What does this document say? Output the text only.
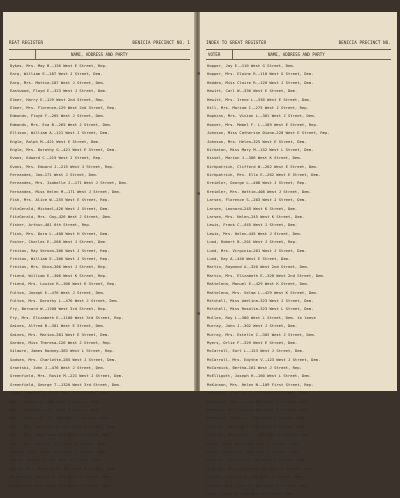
REAT REGISTER	BENICIA PRECINCT NO. 1
NAME, ADDRESS AND PARTY
Dykes, Mrs. May B.—136 West E Street, Rep.
Earp, William E.—187 West J Street, Dem.
Earp, Mrs. Mattie—187 West J Street, Dem.
Eastwood, Floyd E.—323 West J Street, Dem.
Elmer, Harry E.—129 West 2nd Street, Rep.
Elmer, Mrs. Florence—129 West 2nd Street, Rep.
Edmonds, Floyd F.—265 West J Street, Dem.
Edmonds, Mrs. Eva B.—265 West J Street, Dem.
Ellison, William A.—121 West J Street, Dem.
Engle, Ralph M.—421 West E Street, Dem.
Engle, Mrs. Dorothy G.—421 West E Street, Dem.
Evans, Edward C.—215 West J Street, Rep.
Evans, Mrs. Edward J.—215 West J Street, Rep.
Fernandes, Joe—171 West J Street, Dem.
Fernandes, Mrs. Isabelle J.—171 West J Street, Dem.
Fernandes, Miss Helen M.—171 West J Street, Dem.
Fish, Mrs. Alice W.—255 West E Street, Rep.
FitzGerald, Michael—426 West J Street, Dem.
FitzGerald, Mrs. Gay—426 West J Street, Dem.
Fisher, Arthur—401 6th Street, Rep.
Flink, Mrs. Dora L.—400 West H Street, Dem.
Foster, Charles E.—266 West J Street, Dem.
Freitas, Ray Vernon—306 West J Street, Rep.
Freitas, William E.—306 West J Street, Rep.
Freitas, Mrs. Nina—306 West J Street, Rep.
Friend, William E.—306 West K Street, Rep.
Friend, Mrs. Louise R.—306 West K Street, Rep.
Fulton, Joseph E.—476 West J Street, Dem.
Fulton, Mrs. Dorothy L.—476 West J Street, Dem.
Fry, Bernard W.—1100 West 3rd Street, Rep.
Fry, Mrs. Elizabeth E.—1100 West 3rd Street, Rep.
Gaines, Alfred B.—381 West E Street, Dem.
Gaines, Mrs. Marion—381 West E Street, Dem.
Garden, Miss Theresa—126 West J Street, Rep.
Gilmore, James Rodney—383 West L Street, Rep.
Godsen, Mrs. Charlotte—285 West J Street, Dem.
Grantski, John J.—476 West J Street, Dem.
Greenfield, Mrs. Rosie M.—221 West J Street, Dem.
Greenfield, George T.—1320 West 3rd Street, Dem.
Green, Robert H.—1320 West 3rd Street, Rep.
Hall, Edward A.—196 West L Street, Rep.
Hall, Frederick—225 West K Street, Dem.
Hall, Justin E. Jr.—201 West J Street, Rep.
Hall, Mrs. Caroline E.—241 West K Street, Dem.
Hall, Mrs. Edna Jane—201 West J Street, Rep.
Hall, Mrs. Ruth M.—225 West K Street, Dem.
Harmon, Mrs. Mabel—416 West J Street, Rep.
Harry, Harold J.—167 West H Street, Dem.
Harry, Mrs. Dorothy H.—167 West H Street, Dem.
Henderson, Harold E.—325 West E Street, Dem.
Henderson, Mrs. Anne—325 West E Street, Dem.
INDEX TO GREAT REGISTER	BENICIA PRECINCT NO.
VOTER	NAME, ADDRESS AND PARTY
Hopper, Jay E.—110 West G Street, Dem.
Hopper, Mrs. Elaine R.—110 West G Street, Dem.
Hedden, Miss Claire R.—120 West J Street, Dem.
Hewitt, Carl W.—330 West E Street, Dem.
Hewitt, Mrs. Irene L.—330 West E Street, Dem.
Hill, Mrs. Mariam C.—275 West J Street, Rep.
Hopkins, Mrs. Vivian L.—301 West J Street, Dem.
Hoover, Mrs. Mabel F. L.—189 West E Street, Rep.
Johnson, Miss Catherine Diane—220 West E Street, Rep.
Johnson, Mrs. Helen—325 West E Street, Dem.
Kirkaton, Miss Mary M.—152 West L Street, Dem.
Kissel, Marion J.—386 West K Street, Dem.
Kirkpatrick, Clifford W.—262 West E Street, Dem.
Kirkpatrick, Mrs. Ella E.—262 West E Street, Dem.
Kreidler, George L.—408 West J Street, Rep.
Kreidler, Mrs. Hattie—408 West J Street, Dem.
Larsen, Florence S.—203 West J Street, Dem.
Larsen, Leonard—245 West K Street, Dem.
Larsen, Mrs. Helen—245 West K Street, Dem.
Lewis, Frank C.—445 West J Street, Dem.
Lewis, Mrs. Helen—445 West J Street, Dem.
Lund, Robert B.—201 West J Street, Rep.
Lund, Mrs. Virginia—201 West J Street, Dem.
Lund, Ray A.—440 West E Street, Dem.
Martin, Raymond A.—320 West 2nd Street, Dem.
Martin, Mrs. Elizabeth E.—320 West 2nd Street, Dem.
Mattelena, Manuel E.—429 West K Street, Dem.
Mattelena, Mrs. Velma L.—429 West K Street, Dem.
Mitchell, Miss Adeline—323 West J Street, Dem.
Mitchell, Miss Rosalie—323 West L Street, Dem.
Mullen, Roy L.—380 West L Street, Dem. to leave
Murray, John J.—302 West J Street, Dem.
Murray, Mrs. Estelle C.—302 West J Street, Dem.
Myers, Orlie F.—329 West E Street, Dem.
McCarroll, Earl L.—123 West J Street, Dem.
McCarroll, Mrs. Edythe V.—123 West J Street, Dem.
McCormick, Bertha—161 West J Street, Rep.
McElligott, Joseph H.—160 West L Street, Dem.
McKinnon, Mrs. Helen N.—109 First Street, Rep.
McKenzie, Charles A.—295 West H Street, Dem.
McKenzie, Mrs. Irene—295 West H Street, Dem.
McManus, Mrs. Lorena—262 West E Street, Dem.
McMaster, Donald F.—265 West J Street, Dem.
Mettlen, William C.—360 West E Street, Dem.
Mettlen, Mrs. Mary J.—360 West E Street, Dem.
Olsen, Miss Mary—105 West L Street, Dem.
Olsen, Albert E.—105 West L Street, Dem.
Osborne, Joe Lee M.—203 West J Street, Dem.
O'Brien, Mrs. Florence—225 West K Street, Dem.
Parker, Charles B.—262 West J Street, Dem.
Parker, Mrs. Lola M.—262 West J Street, Dem.
Pate, James W.—330 West K Street, Dem.
